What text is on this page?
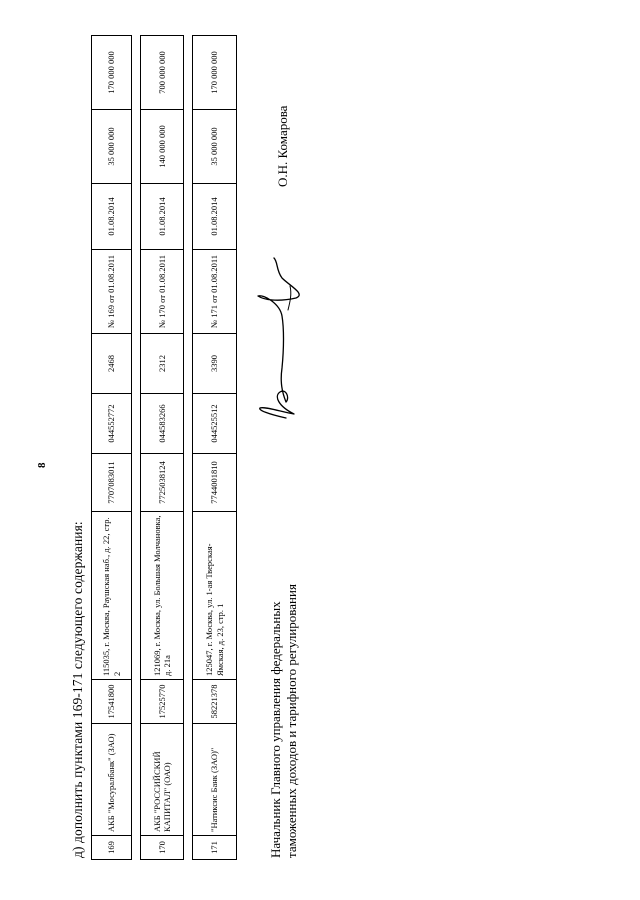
8
д) дополнить пунктами 169-171 следующего содержания:	169	АКБ "Мосуралбанк" (ЗАО)	17541800	115035, г. Москва, Раушская наб., д. 22, стр. 2	7707083011	044552772	2468	№ 169 от 01.08.2011	01.08.2014	35 000 000	170 000 000

170	АКБ "РОССИЙСКИЙ КАПИТАЛ" (ОАО)	17525770	121069, г. Москва, ул. Большая Молчановка, д. 21а	7725038124	044583266	2312	№ 170 от 01.08.2011	01.08.2014	140 000 000	700 000 000

171	"Натиксис Банк (ЗАО)"	58221378	125047, г. Москва, ул. 1-ая Тверская-Ямская, д. 23, стр. 1	7744001810	044525512	3390	№ 171 от 01.08.2011	01.08.2014	35 000 000	170 000 000
Начальник Главного управления федеральных таможенных доходов и тарифного регулирования
О.Н. Комарова
